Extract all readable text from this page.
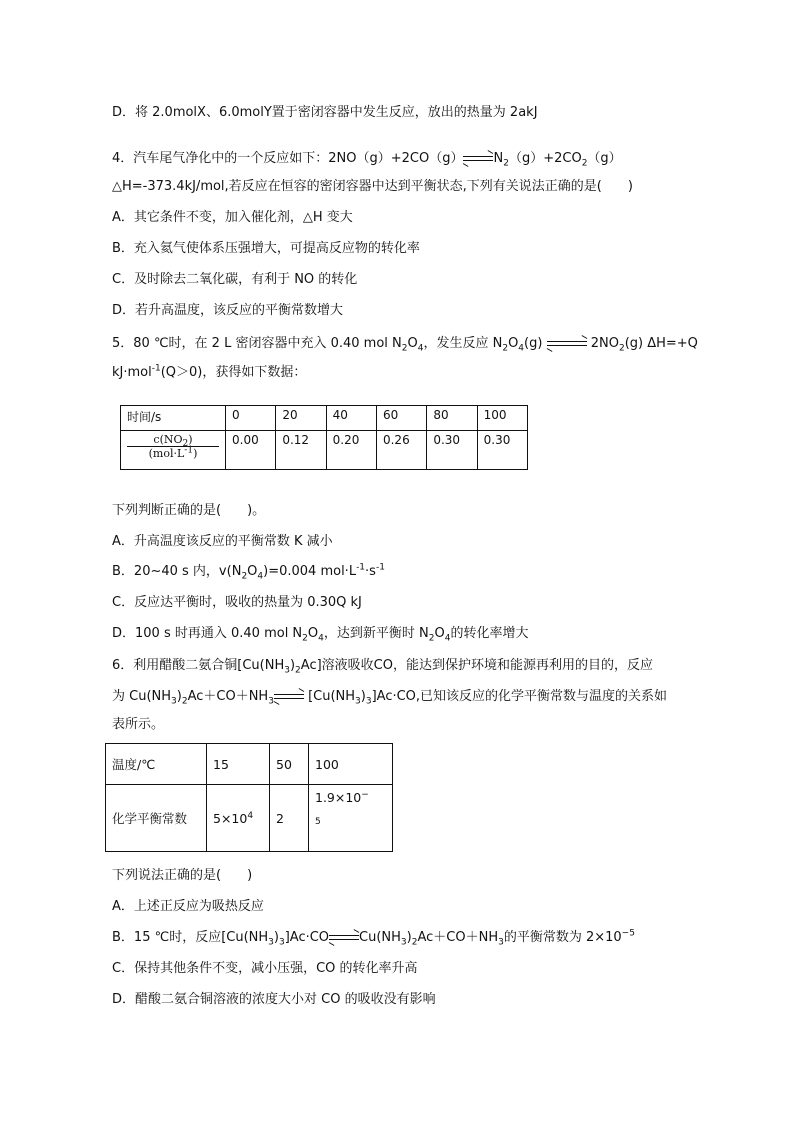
D．将 2.0molX、6.0molY置于密闭容器中发生反应，放出的热量为 2akJ
4．汽车尾气净化中的一个反应如下：2NO（g）+2CO（g） $N_2(g)+2CO_2(g)$
△H=-373.4kJ/mol,若反应在恒容的密闭容器中达到平衡状态,下列有关说法正确的是(　　)
A．其它条件不变，加入催化剂，△H 变大
B．充入氦气使体系压强增大，可提高反应物的转化率
C．及时除去二氧化碳，有利于 NO 的转化
D．若升高温度，该反应的平衡常数增大
5．80 ℃时，在 2 L 密闭容器中充入 0.40 mol $N_2O_4$，发生反应 $N_2O_4(g)$	$2NO_2(g)$ ΔH=+Q
kJ·mol$^{-1}$(Q＞0)，获得如下数据：
时间/s	0	20	40	60	80	100

$c(NO_2)$
$(mol\cdot L^{-1})$	0.00	0.12	0.20	0.26	0.30	0.30
下列判断正确的是(　　)。
A．升高温度该反应的平衡常数 K 减小
B．20~40 s 内，$v(N_2O_4)=0.004$ $mol\cdot L^{-1}\cdot s^{-1}$
C．反应达平衡时，吸收的热量为 0.30Q kJ
D．100 s 时再通入 0.40 mol $N_2O_4$，达到新平衡时 $N_2O_4$的转化率增大
6．利用醋酸二氨合铜$[Cu(NH_3)_2Ac]$溶液吸收CO，能达到保护环境和能源再利用的目的，反应
为 $Cu(NH_3)_2Ac+CO+NH_3$ $[Cu(NH_3)_3]Ac\cdot CO$,已知该反应的化学平衡常数与温度的关系如
表所示。
温度/℃	15	50	100
化学平衡常数	$5\times 10^4$	2	1.9×10−
5
下列说法正确的是(　　)
A．上述正反应为吸热反应
B．15 ℃时，反应$[Cu(NH_3)_3]Ac\cdot CO$ $Cu(NH_3)_2Ac+CO+NH_3$的平衡常数为 $2\times 10^{-5}$
C．保持其他条件不变，减小压强，CO 的转化率升高
D．醋酸二氨合铜溶液的浓度大小对 CO 的吸收没有影响
